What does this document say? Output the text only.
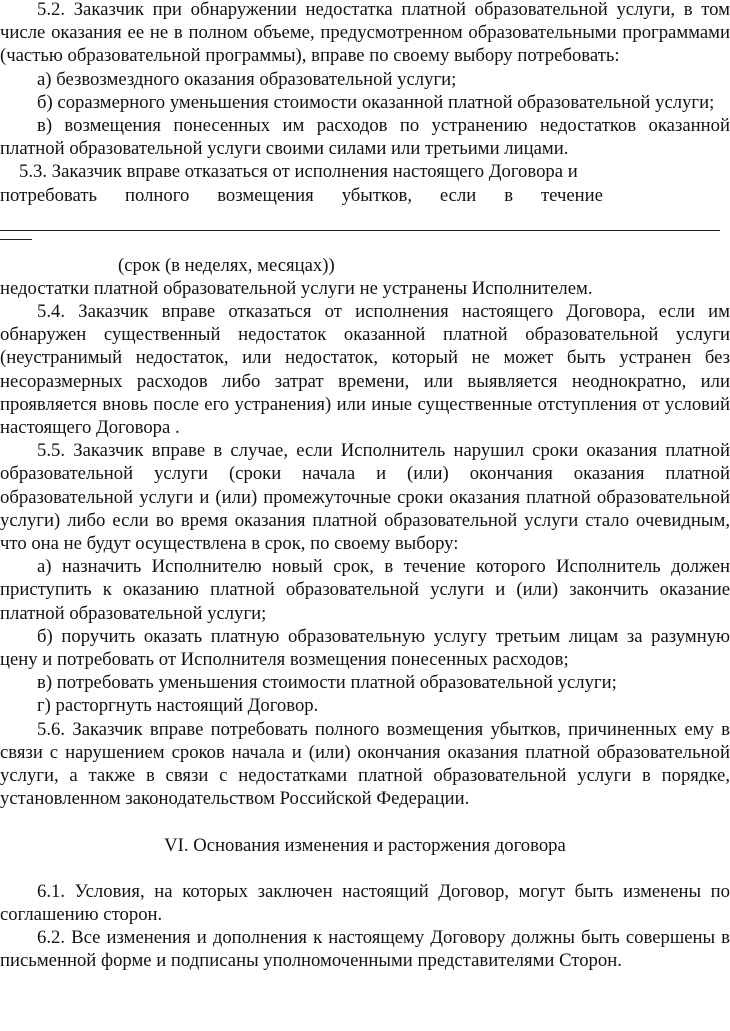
5.2. Заказчик при обнаружении недостатка платной образовательной услуги, в том числе оказания ее не в полном объеме, предусмотренном образовательными программами (частью образовательной программы), вправе по своему выбору потребовать:

а) безвозмездного оказания образовательной услуги;

б) соразмерного уменьшения стоимости оказанной платной образовательной услуги;

в) возмещения понесенных им расходов по устранению недостатков оказанной платной образовательной услуги своими силами или третьими лицами.

5.3. Заказчик вправе отказаться от исполнения настоящего Договора и

потребовать полного возмещения убытков, если в течение
(срок (в неделях, месяцах))

недостатки платной образовательной услуги не устранены Исполнителем.

5.4. Заказчик вправе отказаться от исполнения настоящего Договора, если им обнаружен существенный недостаток оказанной платной образовательной услуги (неустранимый недостаток, или недостаток, который не может быть устранен без несоразмерных расходов либо затрат времени, или выявляется неоднократно, или проявляется вновь после его устранения) или иные существенные отступления от условий настоящего Договора .

5.5. Заказчик вправе в случае, если Исполнитель нарушил сроки оказания платной образовательной услуги (сроки начала и (или) окончания оказания платной образовательной услуги и (или) промежуточные сроки оказания платной образовательной услуги) либо если во время оказания платной образовательной услуги стало очевидным, что она не будут осуществлена в срок, по своему выбору:

а) назначить Исполнителю новый срок, в течение которого Исполнитель должен приступить к оказанию платной образовательной услуги и (или) закончить оказание платной образовательной услуги;

б) поручить оказать платную образовательную услугу третьим лицам за разумную цену и потребовать от Исполнителя возмещения понесенных расходов;

в) потребовать уменьшения стоимости платной образовательной услуги;

г) расторгнуть настоящий Договор.

5.6. Заказчик вправе потребовать полного возмещения убытков, причиненных ему в связи с нарушением сроков начала и (или) окончания оказания платной образовательной услуги, а также в связи с недостатками платной образовательной услуги в порядке, установленном законодательством Российской Федерации.

VI. Основания изменения и расторжения договора

6.1. Условия, на которых заключен настоящий Договор, могут быть изменены по соглашению сторон.

6.2. Все изменения и дополнения к настоящему Договору должны быть совершены в письменной форме и подписаны уполномоченными представителями Сторон.
